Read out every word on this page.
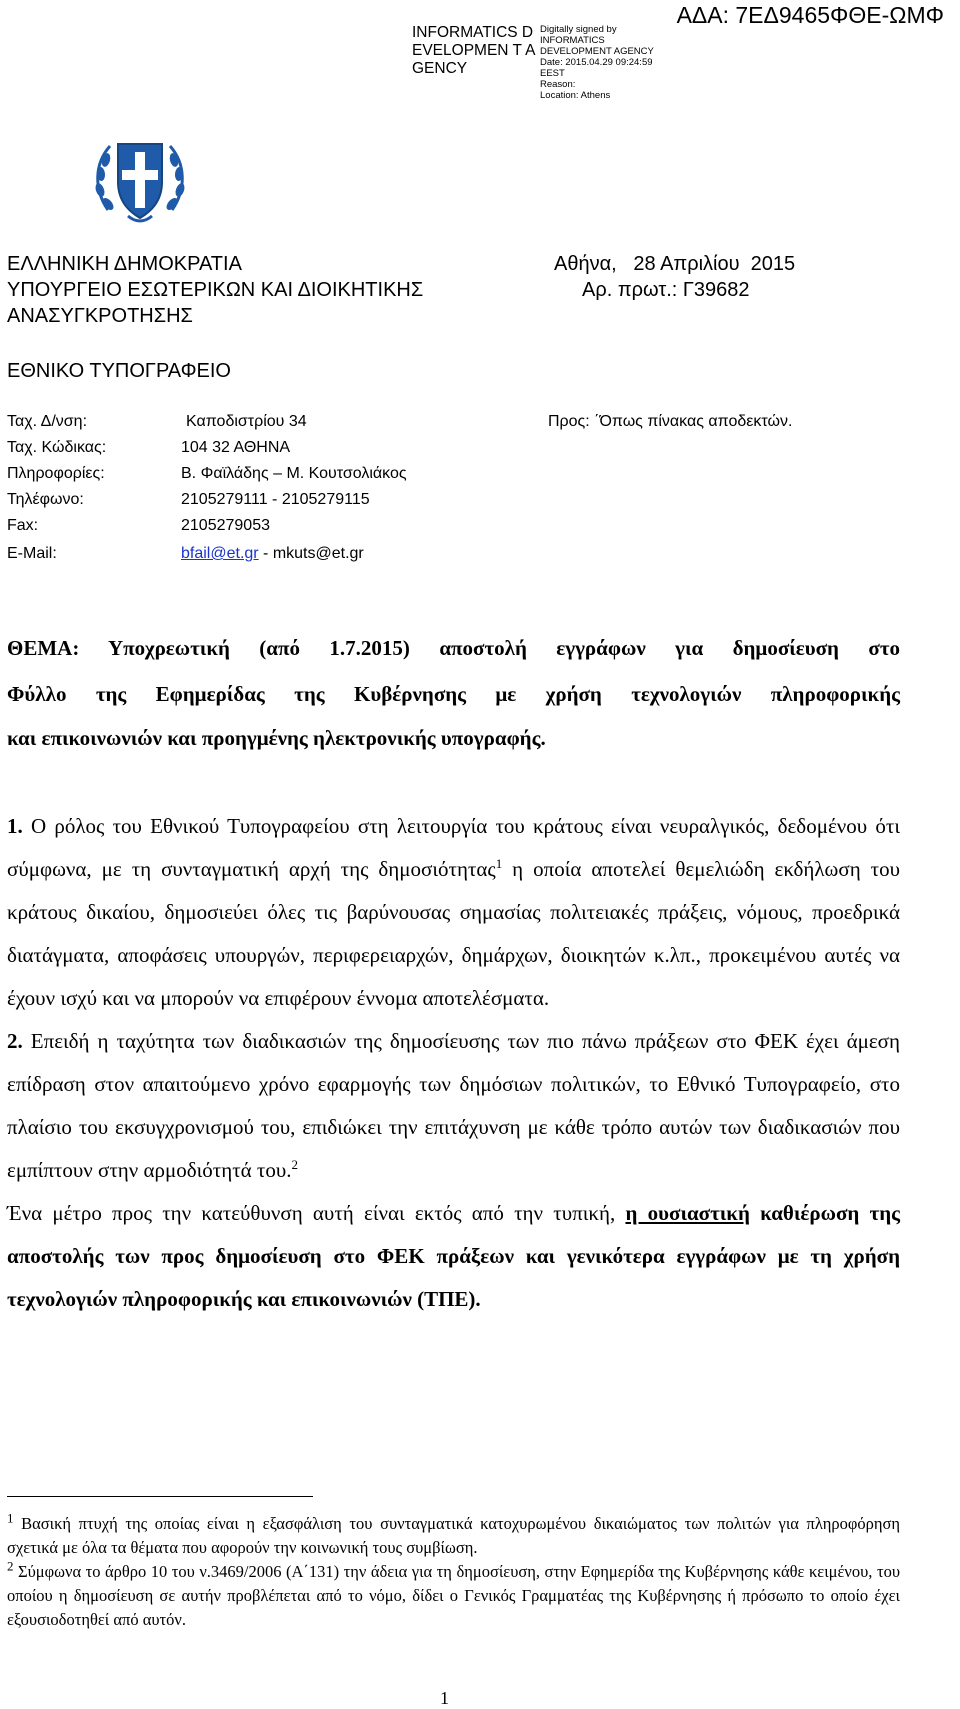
INFORMATICS DEVELOPMEN T AGENCY
Digitally signed by
INFORMATICS
DEVELOPMENT AGENCY
Date: 2015.04.29 09:24:59
EEST
Reason:
Location: Athens
ΑΔΑ: 7ΕΔ9465ΦΘΕ-ΩΜΦ
ΕΛΛΗΝΙΚΗ ΔΗΜΟΚΡΑΤΙΑ
ΥΠΟΥΡΓΕΙΟ ΕΣΩΤΕΡΙΚΩΝ ΚΑΙ ΔΙΟΙΚΗΤΙΚΗΣ
ΑΝΑΣΥΓΚΡΟΤΗΣΗΣ
ΕΘΝΙΚΟ ΤΥΠΟΓΡΑΦΕΙΟ
Αθήνα,   28 Απριλίου  2015
Αρ. πρωτ.: Γ39682
Ταχ. Δ/νση:	Καποδιστρίου 34	Προς: ΄Όπως πίνακας αποδεκτών.
Ταχ. Κώδικας:	104 32 ΑΘΗΝΑ
Πληροφορίες:	Β. Φαϊλάδης – Μ. Κουτσολιάκος
Τηλέφωνο:	2105279111 - 2105279115
Fax:	2105279053
E-Mail:	bfail@et.gr - mkuts@et.gr
ΘΕΜΑ: Υποχρεωτική (από 1.7.2015) αποστολή εγγράφων για δημοσίευση στο
Φύλλο της Εφημερίδας της Κυβέρνησης με χρήση τεχνολογιών πληροφορικής
και επικοινωνιών και προηγμένης ηλεκτρονικής υπογραφής.
1. Ο ρόλος του Εθνικού Τυπογραφείου στη λειτουργία του κράτους είναι νευραλγικός, δεδομένου ότι σύμφωνα, με τη συνταγματική αρχή της δημοσιότητας$^1$ η οποία αποτελεί θεμελιώδη εκδήλωση του κράτους δικαίου, δημοσιεύει όλες τις βαρύνουσας σημασίας πολιτειακές πράξεις, νόμους, προεδρικά διατάγματα, αποφάσεις υπουργών, περιφερειαρχών, δημάρχων, διοικητών κ.λπ., προκειμένου αυτές να έχουν ισχύ και να μπορούν να επιφέρουν έννομα αποτελέσματα.
2. Επειδή η ταχύτητα των διαδικασιών της δημοσίευσης των πιο πάνω πράξεων στο ΦΕΚ έχει άμεση επίδραση στον απαιτούμενο χρόνο εφαρμογής των δημόσιων πολιτικών, το Εθνικό Τυπογραφείο, στο πλαίσιο του εκσυγχρονισμού του, επιδιώκει την επιτάχυνση με κάθε τρόπο αυτών των διαδικασιών που εμπίπτουν στην αρμοδιότητά του.$^2$
Ένα μέτρο προς την κατεύθυνση αυτή είναι εκτός από την τυπική, η ουσιαστική καθιέρωση της αποστολής των προς δημοσίευση στο ΦΕΚ πράξεων και γενικότερα εγγράφων με τη χρήση τεχνολογιών πληροφορικής και επικοινωνιών (ΤΠΕ).
$^1$ Βασική πτυχή της οποίας είναι η εξασφάλιση του συνταγματικά κατοχυρωμένου δικαιώματος των πολιτών για πληροφόρηση σχετικά με όλα τα θέματα που αφορούν την κοινωνική τους συμβίωση.
$^2$ Σύμφωνα το άρθρο 10 του ν.3469/2006 (Α΄131) την άδεια για τη δημοσίευση, στην Εφημερίδα της Κυβέρνησης κάθε κειμένου, του οποίου η δημοσίευση σε αυτήν προβλέπεται από το νόμο, δίδει ο Γενικός Γραμματέας της Κυβέρνησης ή πρόσωπο το οποίο έχει εξουσιοδοτηθεί από αυτόν.
1
